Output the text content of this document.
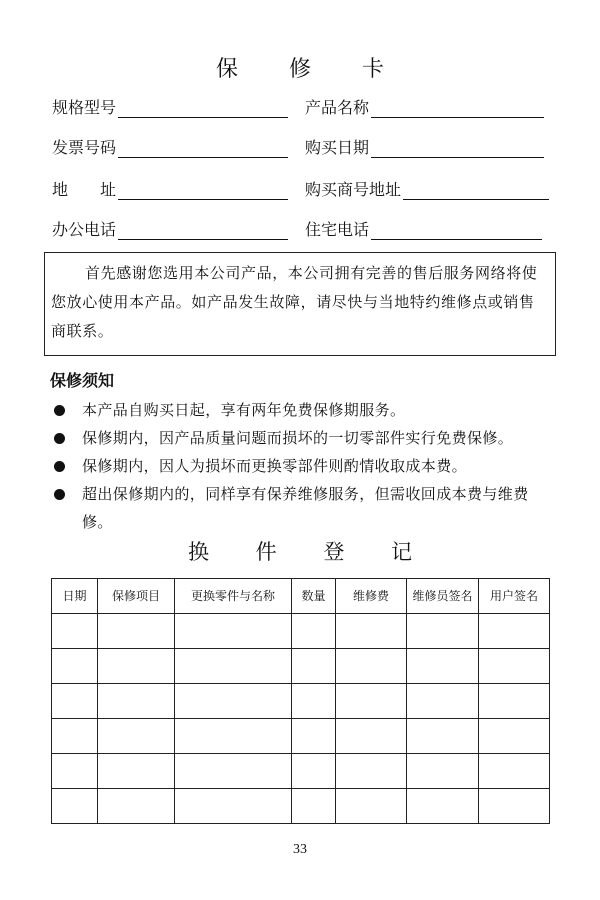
保 修 卡
规格型号	产品名称
发票号码	购买日期
地　　址	购买商号地址
办公电话	住宅电话

首先感谢您选用本公司产品，本公司拥有完善的售后服务网络将使您放心使用本产品。如产品发生故障，请尽快与当地特约维修点或销售商联系。

保修须知
本产品自购买日起，享有两年免费保修期服务。
保修期内，因产品质量问题而损坏的一切零部件实行免费保修。
保修期内，因人为损坏而更换零部件则酌情收取成本费。
超出保修期内的，同样享有保养维修服务，但需收回成本费与维费修。
换 件 登 记
日期	保修项目	更换零件与名称	数量	维修费	维修员签名	用户签名

33
